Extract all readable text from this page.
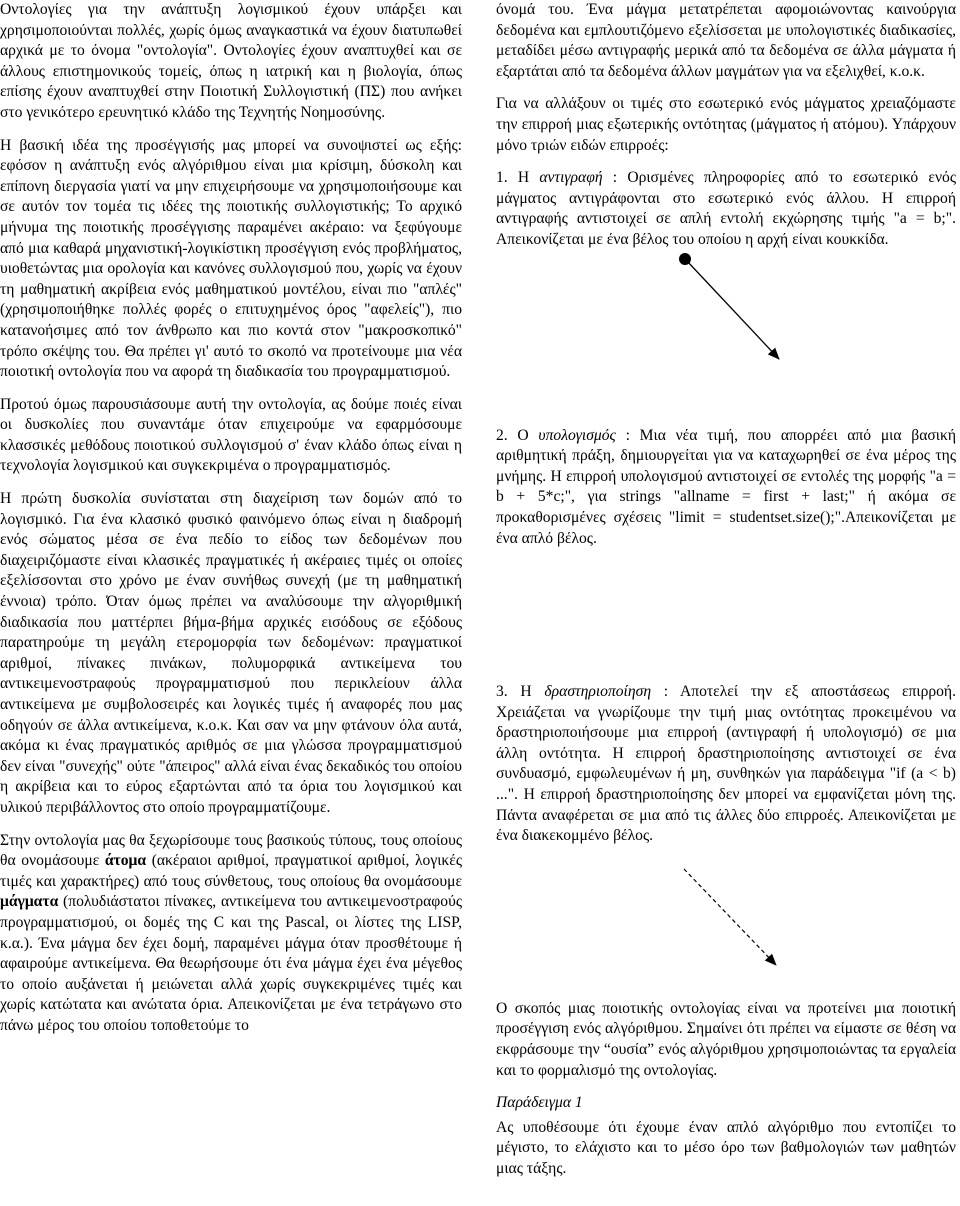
Οντολογίες για την ανάπτυξη λογισμικού έχουν υπάρξει και χρησιμοποιούνται πολλές, χωρίς όμως αναγκαστικά να έχουν διατυπωθεί αρχικά με το όνομα "οντολογία". Οντολογίες έχουν αναπτυχθεί και σε άλλους επιστημονικούς τομείς, όπως η ιατρική και η βιολογία, όπως επίσης έχουν αναπτυχθεί στην Ποιοτική Συλλογιστική (ΠΣ) που ανήκει στο γενικότερο ερευνητικό κλάδο της Τεχνητής Νοημοσύνης.

Η βασική ιδέα της προσέγγισής μας μπορεί να συνοψιστεί ως εξής: εφόσον η ανάπτυξη ενός αλγόριθμου είναι μια κρίσιμη, δύσκολη και επίπονη διεργασία γιατί να μην επιχειρήσουμε να χρησιμοποιήσουμε και σε αυτόν τον τομέα τις ιδέες της ποιοτικής συλλογιστικής; Το αρχικό μήνυμα της ποιοτικής προσέγγισης παραμένει ακέραιο: να ξεφύγουμε από μια καθαρά μηχανιστική-λογικίστικη προσέγγιση ενός προβλήματος, υιοθετώντας μια ορολογία και κανόνες συλλογισμού που, χωρίς να έχουν τη μαθηματική ακρίβεια ενός μαθηματικού μοντέλου, είναι πιο "απλές" (χρησιμοποιήθηκε πολλές φορές ο επιτυχημένος όρος "αφελείς"), πιο κατανοήσιμες από τον άνθρωπο και πιο κοντά στον "μακροσκοπικό" τρόπο σκέψης του. Θα πρέπει γι' αυτό το σκοπό να προτείνουμε μια νέα ποιοτική οντολογία που να αφορά τη διαδικασία του προγραμματισμού.

Προτού όμως παρουσιάσουμε αυτή την οντολογία, ας δούμε ποιές είναι οι δυσκολίες που συναντάμε όταν επιχειρούμε να εφαρμόσουμε κλασσικές μεθόδους ποιοτικού συλλογισμού σ' έναν κλάδο όπως είναι η τεχνολογία λογισμικού και συγκεκριμένα ο προγραμματισμός.

Η πρώτη δυσκολία συνίσταται στη διαχείριση των δομών από το λογισμικό. Για ένα κλασικό φυσικό φαινόμενο όπως είναι η διαδρομή ενός σώματος μέσα σε ένα πεδίο το είδος των δεδομένων που διαχειριζόμαστε είναι κλασικές πραγματικές ή ακέραιες τιμές οι οποίες εξελίσσονται στο χρόνο με έναν συνήθως συνεχή (με τη μαθηματική έννοια) τρόπο. Όταν όμως πρέπει να αναλύσουμε την αλγοριθμική διαδικασία που ματτέρπει βήμα-βήμα αρχικές εισόδους σε εξόδους παρατηρούμε τη μεγάλη ετερομορφία των δεδομένων: πραγματικοί αριθμοί, πίνακες πινάκων, πολυμορφικά αντικείμενα του αντικειμενοστραφούς προγραμματισμού που περικλείουν άλλα αντικείμενα με συμβολοσειρές και λογικές τιμές ή αναφορές που μας οδηγούν σε άλλα αντικείμενα, κ.ο.κ. Και σαν να μην φτάνουν όλα αυτά, ακόμα κι ένας πραγματικός αριθμός σε μια γλώσσα προγραμματισμού δεν είναι "συνεχής" ούτε "άπειρος" αλλά είναι ένας δεκαδικός του οποίου η ακρίβεια και το εύρος εξαρτώνται από τα όρια του λογισμικού και υλικού περιβάλλοντος στο οποίο προγραμματίζουμε.

Στην οντολογία μας θα ξεχωρίσουμε τους βασικούς τύπους, τους οποίους θα ονομάσουμε άτομα (ακέραιοι αριθμοί, πραγματικοί αριθμοί, λογικές τιμές και χαρακτήρες) από τους σύνθετους, τους οποίους θα ονομάσουμε μάγματα (πολυδιάστατοι πίνακες, αντικείμενα του αντικειμενοστραφούς προγραμματισμού, οι δομές της C και της Pascal, οι λίστες της LISP, κ.α.). Ένα μάγμα δεν έχει δομή, παραμένει μάγμα όταν προσθέτουμε ή αφαιρούμε αντικείμενα. Θα θεωρήσουμε ότι ένα μάγμα έχει ένα μέγεθος το οποίο αυξάνεται ή μειώνεται αλλά χωρίς συγκεκριμένες τιμές και χωρίς κατώτατα και ανώτατα όρια. Απεικονίζεται με ένα τετράγωνο στο πάνω μέρος του οποίου τοποθετούμε το

όνομά του. Ένα μάγμα μετατρέπεται αφομοιώνοντας καινούργια δεδομένα και εμπλουτιζόμενο εξελίσσεται με υπολογιστικές διαδικασίες, μεταδίδει μέσω αντιγραφής μερικά από τα δεδομένα σε άλλα μάγματα ή εξαρτάται από τα δεδομένα άλλων μαγμάτων για να εξελιχθεί, κ.ο.κ.

Για να αλλάξουν οι τιμές στο εσωτερικό ενός μάγματος χρειαζόμαστε την επιρροή μιας εξωτερικής οντότητας (μάγματος ή ατόμου). Υπάρχουν μόνο τριών ειδών επιρροές:

1. Η αντιγραφή : Ορισμένες πληροφορίες από το εσωτερικό ενός μάγματος αντιγράφονται στο εσωτερικό ενός άλλου. Η επιρροή αντιγραφής αντιστοιχεί σε απλή εντολή εκχώρησης τιμής "a = b;". Απεικονίζεται με ένα βέλος του οποίου η αρχή είναι κουκκίδα.

2. Ο υπολογισμός : Μια νέα τιμή, που απορρέει από μια βασική αριθμητική πράξη, δημιουργείται για να καταχωρηθεί σε ένα μέρος της μνήμης. Η επιρροή υπολογισμού αντιστοιχεί σε εντολές της μορφής "a = b + 5*c;", για strings "allname = first + last;" ή ακόμα σε προκαθορισμένες σχέσεις "limit = studentset.size();".Απεικονίζεται με ένα απλό βέλος.

3. Η δραστηριοποίηση : Αποτελεί την εξ αποστάσεως επιρροή. Χρειάζεται να γνωρίζουμε την τιμή μιας οντότητας προκειμένου να δραστηριοποιήσουμε μια επιρροή (αντιγραφή ή υπολογισμό) σε μια άλλη οντότητα. Η επιρροή δραστηριοποίησης αντιστοιχεί σε ένα συνδυασμό, εμφωλευμένων ή μη, συνθηκών για παράδειγμα "if (a < b) ...". Η επιρροή δραστηριοποίησης δεν μπορεί να εμφανίζεται μόνη της. Πάντα αναφέρεται σε μια από τις άλλες δύο επιρροές. Απεικονίζεται με ένα διακεκομμένο βέλος.

Ο σκοπός μιας ποιοτικής οντολογίας είναι να προτείνει μια ποιοτική προσέγγιση ενός αλγόριθμου. Σημαίνει ότι πρέπει να είμαστε σε θέση να εκφράσουμε την “ουσία” ενός αλγόριθμου χρησιμοποιώντας τα εργαλεία και το φορμαλισμό της οντολογίας.

Παράδειγμα 1

Ας υποθέσουμε ότι έχουμε έναν απλό αλγόριθμο που εντοπίζει το μέγιστο, το ελάχιστο και το μέσο όρο των βαθμολογιών των μαθητών μιας τάξης.
